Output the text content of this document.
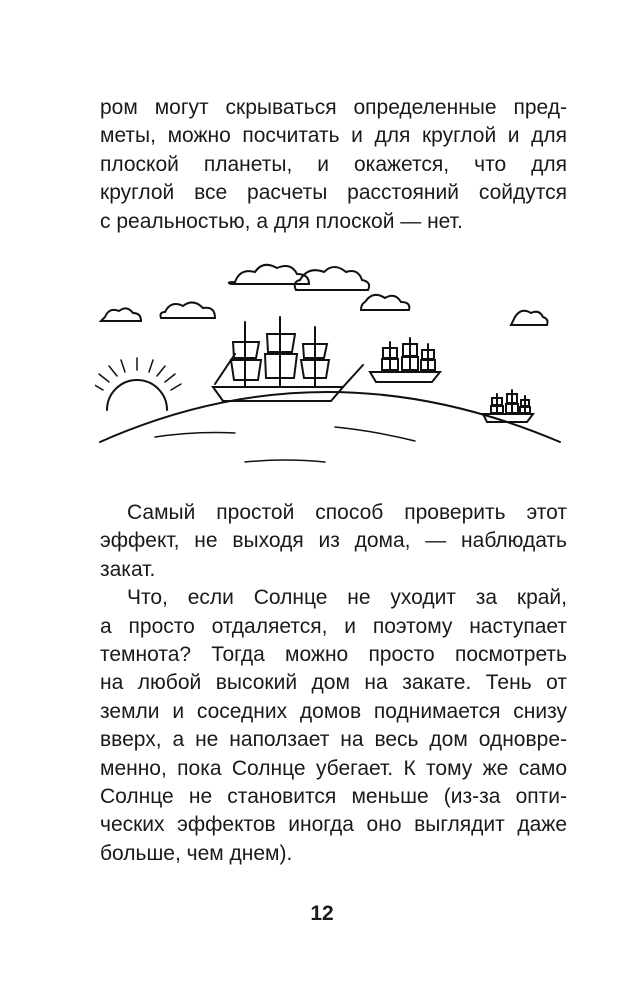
ром могут скрываться определенные пред-
меты, можно посчитать и для круглой и для
плоской планеты, и окажется, что для
круглой все расчеты расстояний сойдутся
с реальностью, а для плоской — нет.
Самый простой способ проверить этот
эффект, не выходя из дома, — наблюдать
закат.
Что, если Солнце не уходит за край,
а просто отдаляется, и поэтому наступает
темнота? Тогда можно просто посмотреть
на любой высокий дом на закате. Тень от
земли и соседних домов поднимается снизу
вверх, а не наползает на весь дом одновре-
менно, пока Солнце убегает. К тому же само
Солнце не становится меньше (из-за опти-
ческих эффектов иногда оно выглядит даже
больше, чем днем).
12
